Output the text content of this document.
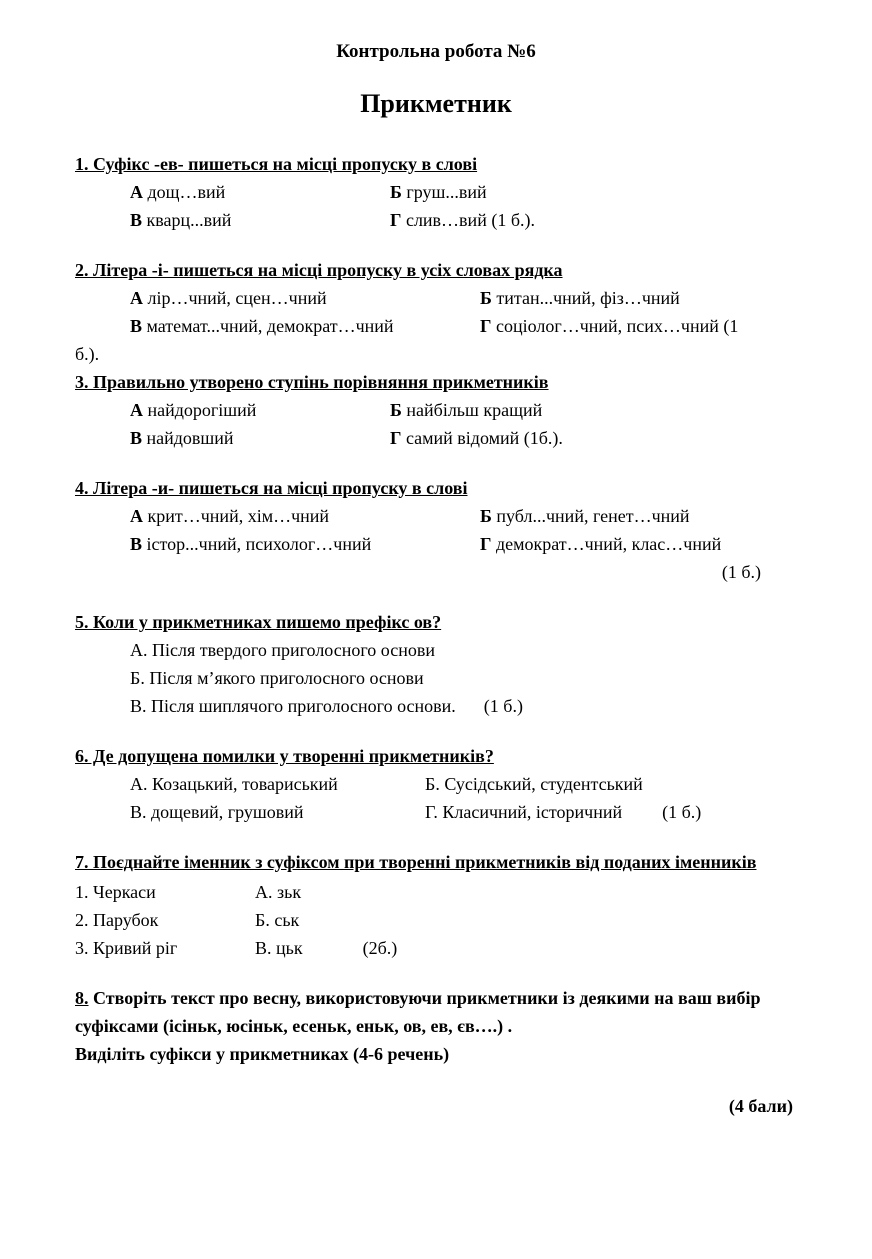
Контрольна робота №6

Прикметник

1. Суфікс -ев- пишеться на місці пропуску в слові

А дощ…вий	Б груш...вий
В кварц...вий	Г слив…вий (1 б.).

2. Літера -і- пишеться на місці пропуску в усіх словах рядка

А лір…чний, сцен…чний	Б титан...чний, фіз…чний
В математ...чний, демократ…чний	Г соціолог…чний, псих…чний (1

б.).

3. Правильно утворено ступінь порівняння прикметників

А найдорогіший	Б найбільш кращий
В найдовший	Г самий відомий (1б.).

4. Літера -и- пишеться на місці пропуску в слові

А крит…чний, хім…чний	Б публ...чний, генет…чний
В істор...чний, психолог…чний	Г демократ…чний, клас…чний

(1 б.)

5. Коли у прикметниках пишемо префікс ов?

А. Після твердого приголосного основи

Б. Після м’якого приголосного основи

В. Після шиплячого приголосного основи. (1 б.)

6. Де допущена помилки у творенні прикметників?

А. Козацький, товариський	Б. Сусідський, студентський
В. дощевий, грушовий	Г. Класичний, історичний (1 б.)

7. Поєднайте іменник з суфіксом при творенні прикметників від поданих іменників

1. Черкаси	А. зьк
2. Парубок	Б. ськ
3. Кривий ріг	В. цьк	(2б.)

8. Створіть текст про весну, використовуючи прикметники із деякими на ваш вибір суфіксами (ісіньк, юсіньк, есеньк, еньк, ов, ев, єв….) .

Виділіть суфікси у прикметниках (4-6 речень)

(4 бали)
